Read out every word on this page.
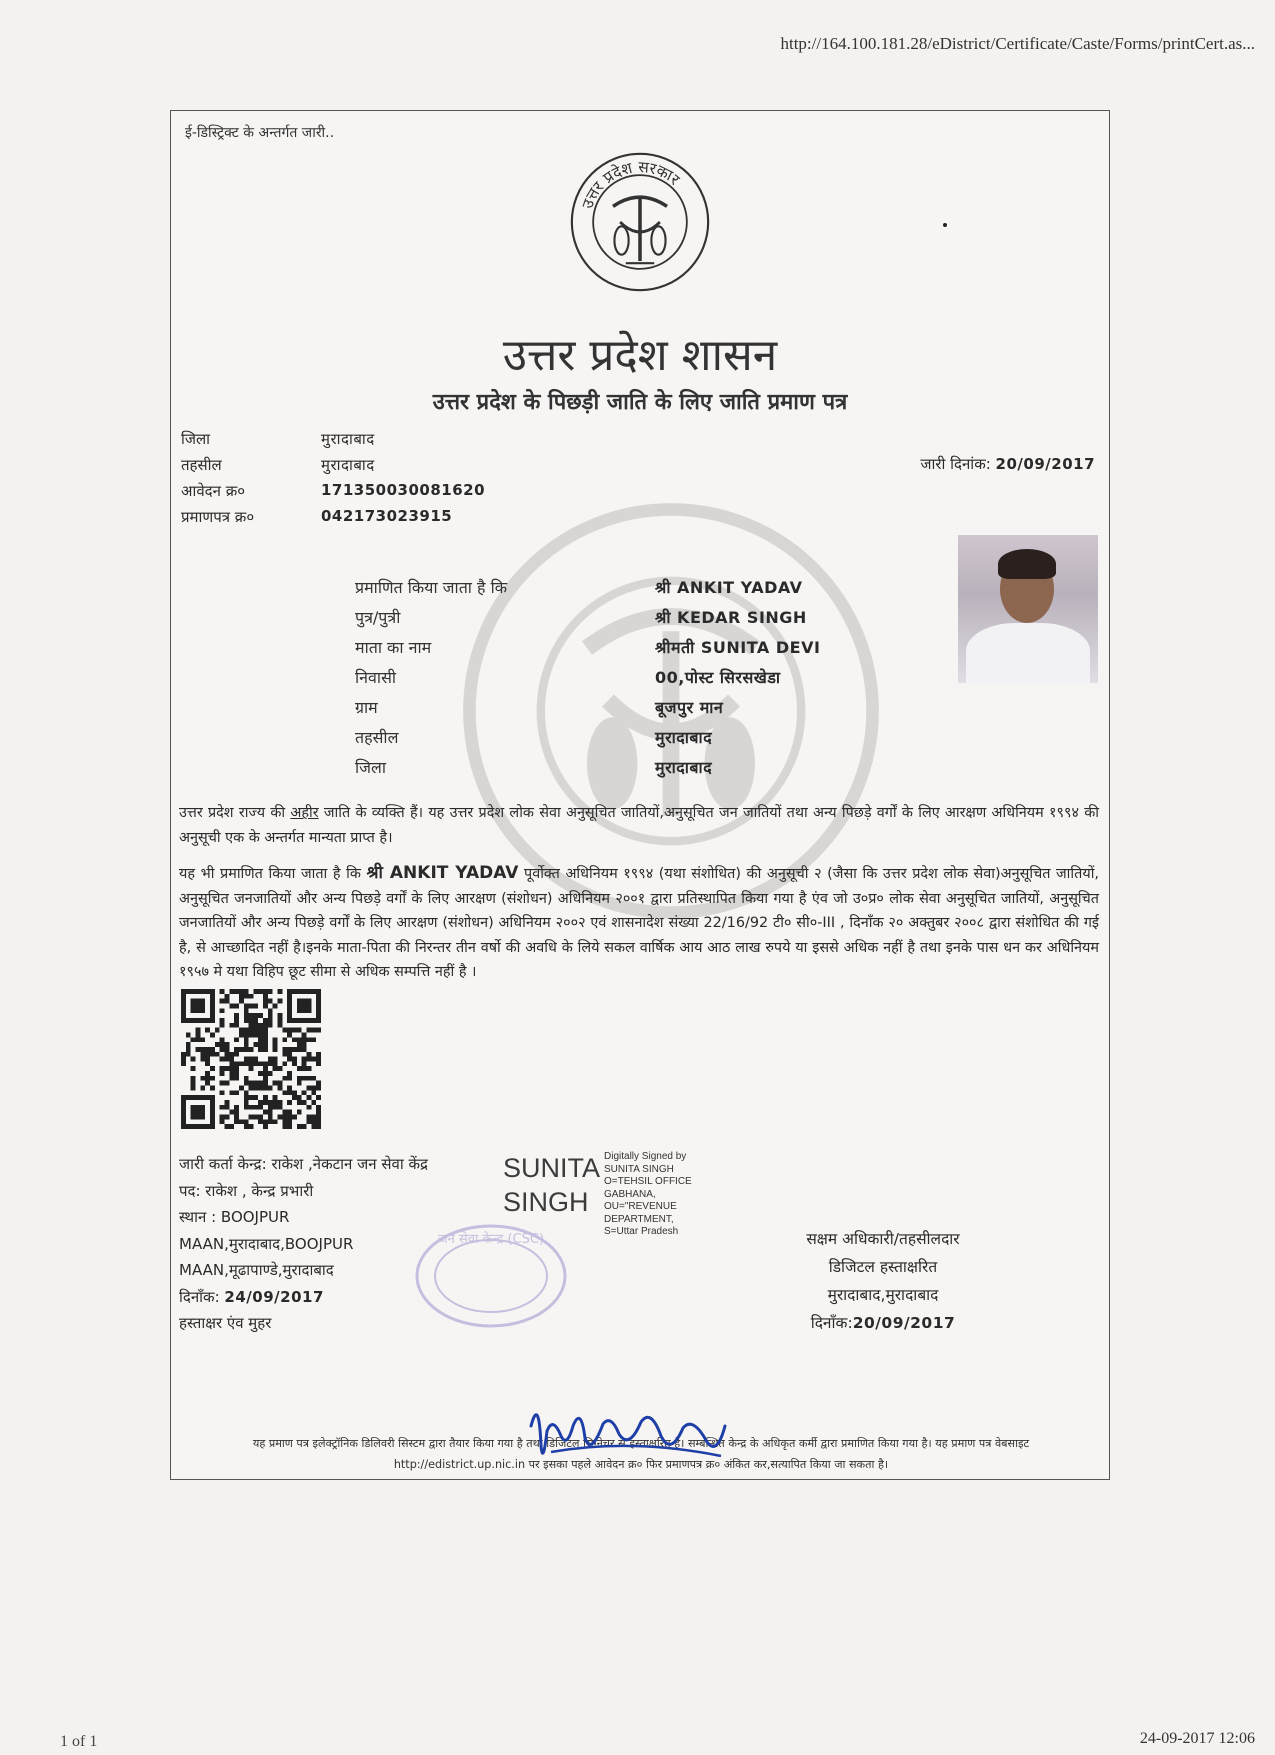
http://164.100.181.28/eDistrict/Certificate/Caste/Forms/printCert.as...
ई-डिस्ट्रिक्ट के अन्तर्गत जारी..
उत्तर प्रदेश सरकार
उत्तर प्रदेश शासन
उत्तर प्रदेश के पिछड़ी जाति के लिए जाति प्रमाण पत्र
जिला	मुरादाबाद
तहसील	मुरादाबाद
आवेदन क्र०	171350030081620
प्रमाणपत्र क्र०	042173023915
जारी दिनांक: 20/09/2017
प्रमाणित किया जाता है कि	श्री ANKIT YADAV
पुत्र/पुत्री	श्री KEDAR SINGH
माता का नाम	श्रीमती SUNITA DEVI
निवासी	00,पोस्ट सिरसखेडा
ग्राम	बूजपुर मान
तहसील	मुरादाबाद
जिला	मुरादाबाद
उत्तर प्रदेश राज्य की अहीर जाति के व्यक्ति हैं। यह उत्तर प्रदेश लोक सेवा अनुसूचित जातियों,अनुसूचित जन जातियों तथा अन्य पिछड़े वर्गों के लिए आरक्षण अधिनियम १९९४ की अनुसूची एक के अन्तर्गत मान्यता प्राप्त है।
यह भी प्रमाणित किया जाता है कि श्री ANKIT YADAV पूर्वोक्त अधिनियम १९९४ (यथा संशोधित) की अनुसूची २ (जैसा कि उत्तर प्रदेश लोक सेवा)अनुसूचित जातियों, अनुसूचित जनजातियों और अन्य पिछड़े वर्गों के लिए आरक्षण (संशोधन) अधिनियम २००१ द्वारा प्रतिस्थापित किया गया है एंव जो उ०प्र० लोक सेवा अनुसूचित जातियों, अनुसूचित जनजातियों और अन्य पिछड़े वर्गों के लिए आरक्षण (संशोधन) अधिनियम २००२ एवं शासनादेश संख्या 22/16/92 टी० सी०-III , दिनाँक २० अक्तुबर २००८ द्वारा संशोधित की गई है, से आच्छादित नहीं है।इनके माता-पिता की निरन्तर तीन वर्षो की अवधि के लिये सकल वार्षिक आय आठ लाख रुपये या इससे अधिक नहीं है तथा इनके पास धन कर अधिनियम १९५७ मे यथा विहिप छूट सीमा से अधिक सम्पत्ति नहीं है ।
जारी कर्ता केन्द्र: राकेश ,नेकटान जन सेवा केंद्र
पद: राकेश , केन्द्र प्रभारी
स्थान : BOOJPUR
MAAN,मुरादाबाद,BOOJPUR
MAAN,मूढापाण्डे,मुरादाबाद
दिनाँक: 24/09/2017
हस्ताक्षर एंव मुहर
जन सेवा केन्द्र (CSC)
SUNITA
SINGH
Digitally Signed by
SUNITA SINGH
O=TEHSIL OFFICE
GABHANA,
OU="REVENUE
DEPARTMENT,
S=Uttar Pradesh	सक्षम अधिकारी/तहसीलदार
डिजिटल हस्ताक्षरित
मुरादाबाद,मुरादाबाद
दिनाँक:20/09/2017
यह प्रमाण पत्र इलेक्ट्रॉनिक डिलिवरी सिस्टम द्वारा तैयार किया गया है तथा डिजिटल सिग्नेचर से हस्ताक्षरित है। सम्बन्धित केन्द्र के अधिकृत कर्मी द्वारा प्रमाणित किया गया है। यह प्रमाण पत्र वेबसाइट http://edistrict.up.nic.in पर इसका पहले आवेदन क्र० फिर प्रमाणपत्र क्र० अंकित कर,सत्यापित किया जा सकता है।
1 of 1	24-09-2017 12:06
